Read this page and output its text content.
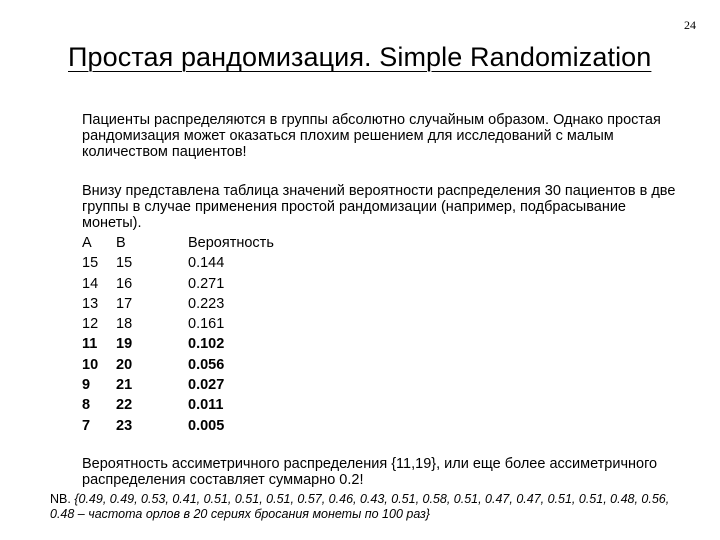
24
Простая рандомизация. Simple Randomization
Пациенты распределяются в группы абсолютно случайным образом. Однако простая рандомизация может оказаться плохим решением для исследований с малым количеством пациентов!
Внизу представлена таблица значений вероятности распределения 30 пациентов в две группы в случае применения простой рандомизации (например, подбрасывание монеты).
A B	Вероятность
15 15	0.144
14 16	0.271
13 17	0.223
12 18	0.161
11 19	0.102
10 20	0.056
9 21	0.027
8 22	0.011
7 23	0.005
Вероятность ассиметричного распределения {11,19}, или еще более ассиметричного распределения составляет суммарно 0.2!
NB. {0.49, 0.49, 0.53, 0.41, 0.51, 0.51, 0.51, 0.57, 0.46, 0.43, 0.51, 0.58, 0.51, 0.47, 0.47, 0.51, 0.51, 0.48, 0.56, 0.48 – частота орлов в 20 сериях бросания монеты по 100 раз}
